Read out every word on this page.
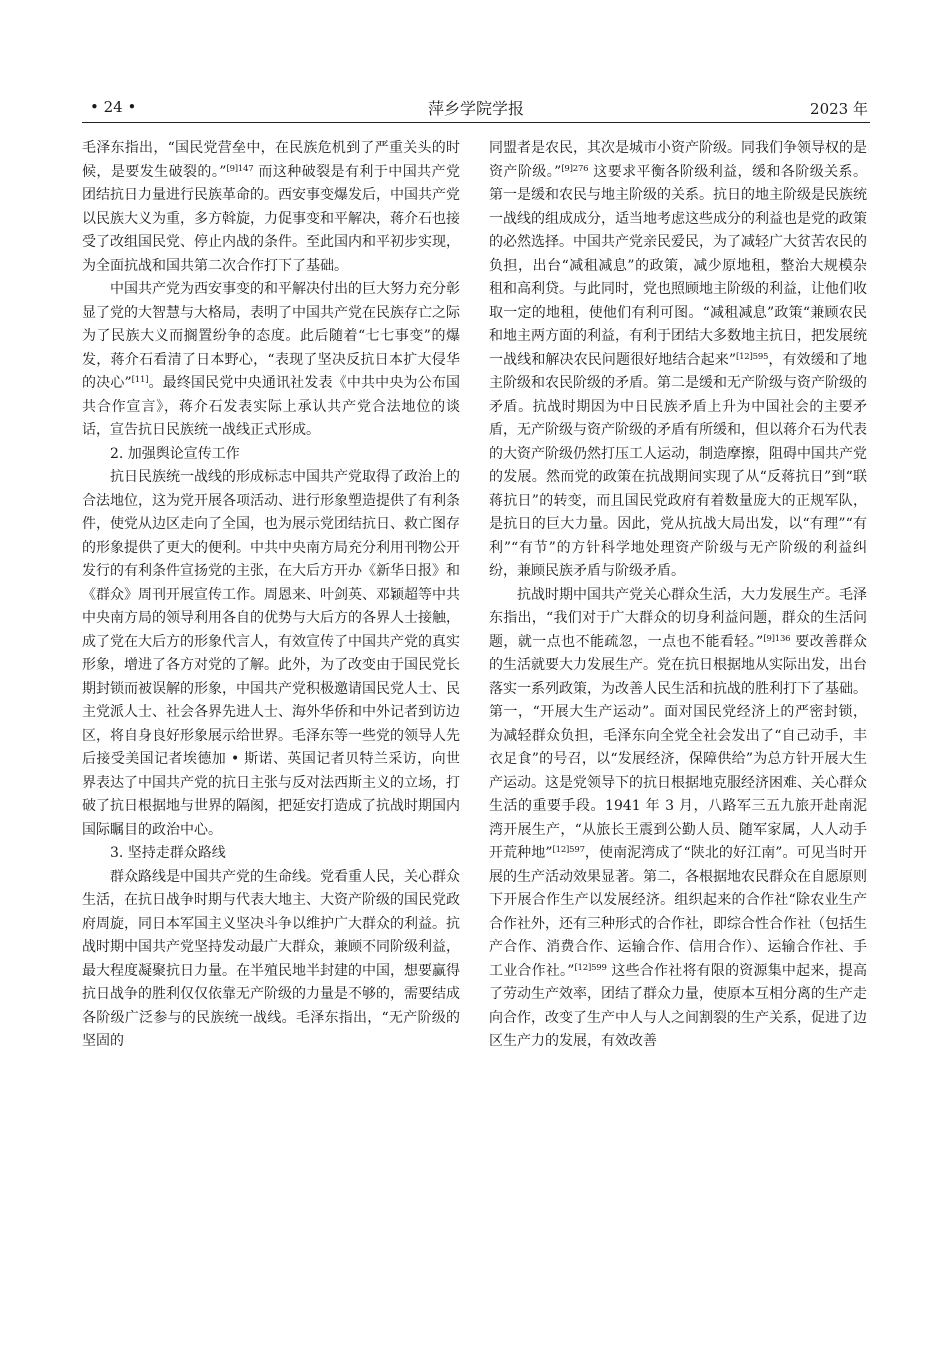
• 24 •	萍乡学院学报	2023 年

毛泽东指出，“国民党营垒中，在民族危机到了严重关头的时候，是要发生破裂的。”$^{[9]147}$ 而这种破裂是有利于中国共产党团结抗日力量进行民族革命的。西安事变爆发后，中国共产党以民族大义为重，多方斡旋，力促事变和平解决，蒋介石也接受了改组国民党、停止内战的条件。至此国内和平初步实现，为全面抗战和国共第二次合作打下了基础。

中国共产党为西安事变的和平解决付出的巨大努力充分彰显了党的大智慧与大格局，表明了中国共产党在民族存亡之际为了民族大义而搁置纷争的态度。此后随着“七七事变”的爆发，蒋介石看清了日本野心，“表现了坚决反抗日本扩大侵华的决心”[11]。最终国民党中央通讯社发表《中共中央为公布国共合作宣言》，蒋介石发表实际上承认共产党合法地位的谈话，宣告抗日民族统一战线正式形成。

2. 加强舆论宣传工作

抗日民族统一战线的形成标志中国共产党取得了政治上的合法地位，这为党开展各项活动、进行形象塑造提供了有利条件，使党从边区走向了全国，也为展示党团结抗日、救亡图存的形象提供了更大的便利。中共中央南方局充分利用刊物公开发行的有利条件宣扬党的主张，在大后方开办《新华日报》和《群众》周刊开展宣传工作。周恩来、叶剑英、邓颖超等中共中央南方局的领导利用各自的优势与大后方的各界人士接触，成了党在大后方的形象代言人，有效宣传了中国共产党的真实形象，增进了各方对党的了解。此外，为了改变由于国民党长期封锁而被误解的形象，中国共产党积极邀请国民党人士、民主党派人士、社会各界先进人士、海外华侨和中外记者到访边区，将自身良好形象展示给世界。毛泽东等一些党的领导人先后接受美国记者埃德加 • 斯诺、英国记者贝特兰采访，向世界表达了中国共产党的抗日主张与反对法西斯主义的立场，打破了抗日根据地与世界的隔阂，把延安打造成了抗战时期国内国际瞩目的政治中心。

3. 坚持走群众路线

群众路线是中国共产党的生命线。党看重人民，关心群众生活，在抗日战争时期与代表大地主、大资产阶级的国民党政府周旋，同日本军国主义坚决斗争以维护广大群众的利益。抗战时期中国共产党坚持发动最广大群众，兼顾不同阶级利益，最大程度凝聚抗日力量。在半殖民地半封建的中国，想要赢得抗日战争的胜利仅仅依靠无产阶级的力量是不够的，需要结成各阶级广泛参与的民族统一战线。毛泽东指出，“无产阶级的坚固的

同盟者是农民，其次是城市小资产阶级。同我们争领导权的是资产阶级。”$^{[9]276}$ 这要求平衡各阶级利益，缓和各阶级关系。第一是缓和农民与地主阶级的关系。抗日的地主阶级是民族统一战线的组成成分，适当地考虑这些成分的利益也是党的政策的必然选择。中国共产党亲民爱民，为了减轻广大贫苦农民的负担，出台“减租减息”的政策，减少原地租，整治大规模杂租和高利贷。与此同时，党也照顾地主阶级的利益，让他们收取一定的地租，使他们有利可图。“减租减息”政策“兼顾农民和地主两方面的利益，有利于团结大多数地主抗日，把发展统一战线和解决农民问题很好地结合起来”$^{[12]595}$，有效缓和了地主阶级和农民阶级的矛盾。第二是缓和无产阶级与资产阶级的矛盾。抗战时期因为中日民族矛盾上升为中国社会的主要矛盾，无产阶级与资产阶级的矛盾有所缓和，但以蒋介石为代表的大资产阶级仍然打压工人运动，制造摩擦，阻碍中国共产党的发展。然而党的政策在抗战期间实现了从“反蒋抗日”到“联蒋抗日”的转变，而且国民党政府有着数量庞大的正规军队，是抗日的巨大力量。因此，党从抗战大局出发，以“有理”“有利”“有节”的方针科学地处理资产阶级与无产阶级的利益纠纷，兼顾民族矛盾与阶级矛盾。

抗战时期中国共产党关心群众生活，大力发展生产。毛泽东指出，“我们对于广大群众的切身利益问题，群众的生活问题，就一点也不能疏忽，一点也不能看轻。”$^{[9]136}$ 要改善群众的生活就要大力发展生产。党在抗日根据地从实际出发，出台落实一系列政策，为改善人民生活和抗战的胜利打下了基础。第一，“开展大生产运动”。面对国民党经济上的严密封锁，为减轻群众负担，毛泽东向全党全社会发出了“自己动手，丰衣足食”的号召，以“发展经济，保障供给”为总方针开展大生产运动。这是党领导下的抗日根据地克服经济困难、关心群众生活的重要手段。1941 年 3 月，八路军三五九旅开赴南泥湾开展生产，“从旅长王震到公勤人员、随军家属，人人动手开荒种地”$^{[12]597}$，使南泥湾成了“陕北的好江南”。可见当时开展的生产活动效果显著。第二，各根据地农民群众在自愿原则下开展合作生产以发展经济。组织起来的合作社“除农业生产合作社外，还有三种形式的合作社，即综合性合作社（包括生产合作、消费合作、运输合作、信用合作）、运输合作社、手工业合作社。”$^{[12]599}$ 这些合作社将有限的资源集中起来，提高了劳动生产效率，团结了群众力量，使原本互相分离的生产走向合作，改变了生产中人与人之间割裂的生产关系，促进了边区生产力的发展，有效改善
